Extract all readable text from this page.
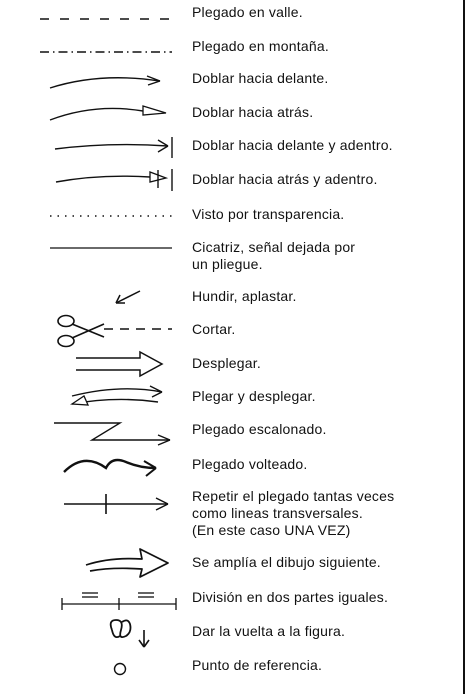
Plegado en valle.
Plegado en montaña.
Doblar hacia delante.
Doblar hacia atrás.
Doblar hacia delante y adentro.
Doblar hacia atrás y adentro.
Visto por transparencia.
Cicatriz, señal dejada por
un pliegue.
Hundir, aplastar.
Cortar.
Desplegar.
Plegar y desplegar.
Plegado escalonado.
Plegado volteado.
Repetir el plegado tantas veces
como lineas transversales.
(En este caso UNA VEZ)
Se amplía el dibujo siguiente.
División en dos partes iguales.
Dar la vuelta a la figura.
Punto de referencia.
